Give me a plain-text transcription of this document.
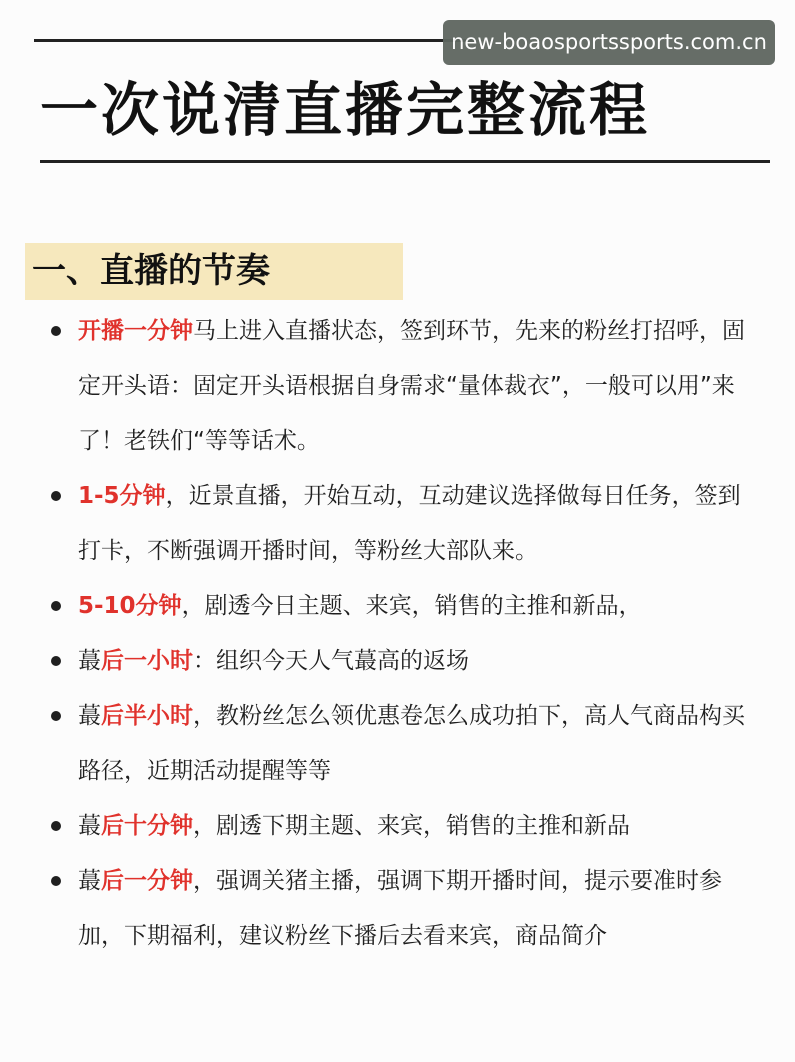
new-boaosportssports.com.cn
一次说清直播完整流程
一、直播的节奏
开播一分钟马上进入直播状态，签到环节，先来的粉丝打招呼，固定开头语：固定开头语根据自身需求“量体裁衣”，一般可以用”来了！老铁们“等等话术。
1-5分钟，近景直播，开始互动，互动建议选择做每日任务，签到打卡，不断强调开播时间，等粉丝大部队来。
5-10分钟，剧透今日主题、来宾，销售的主推和新品，
蕞后一小时：组织今天人气蕞高的返场
蕞后半小时，教粉丝怎么领优惠卷怎么成功拍下，高人气商品构买路径，近期活动提醒等等
蕞后十分钟，剧透下期主题、来宾，销售的主推和新品
蕞后一分钟，强调关猪主播，强调下期开播时间，提示要准时参加，下期福利，建议粉丝下播后去看来宾，商品简介
